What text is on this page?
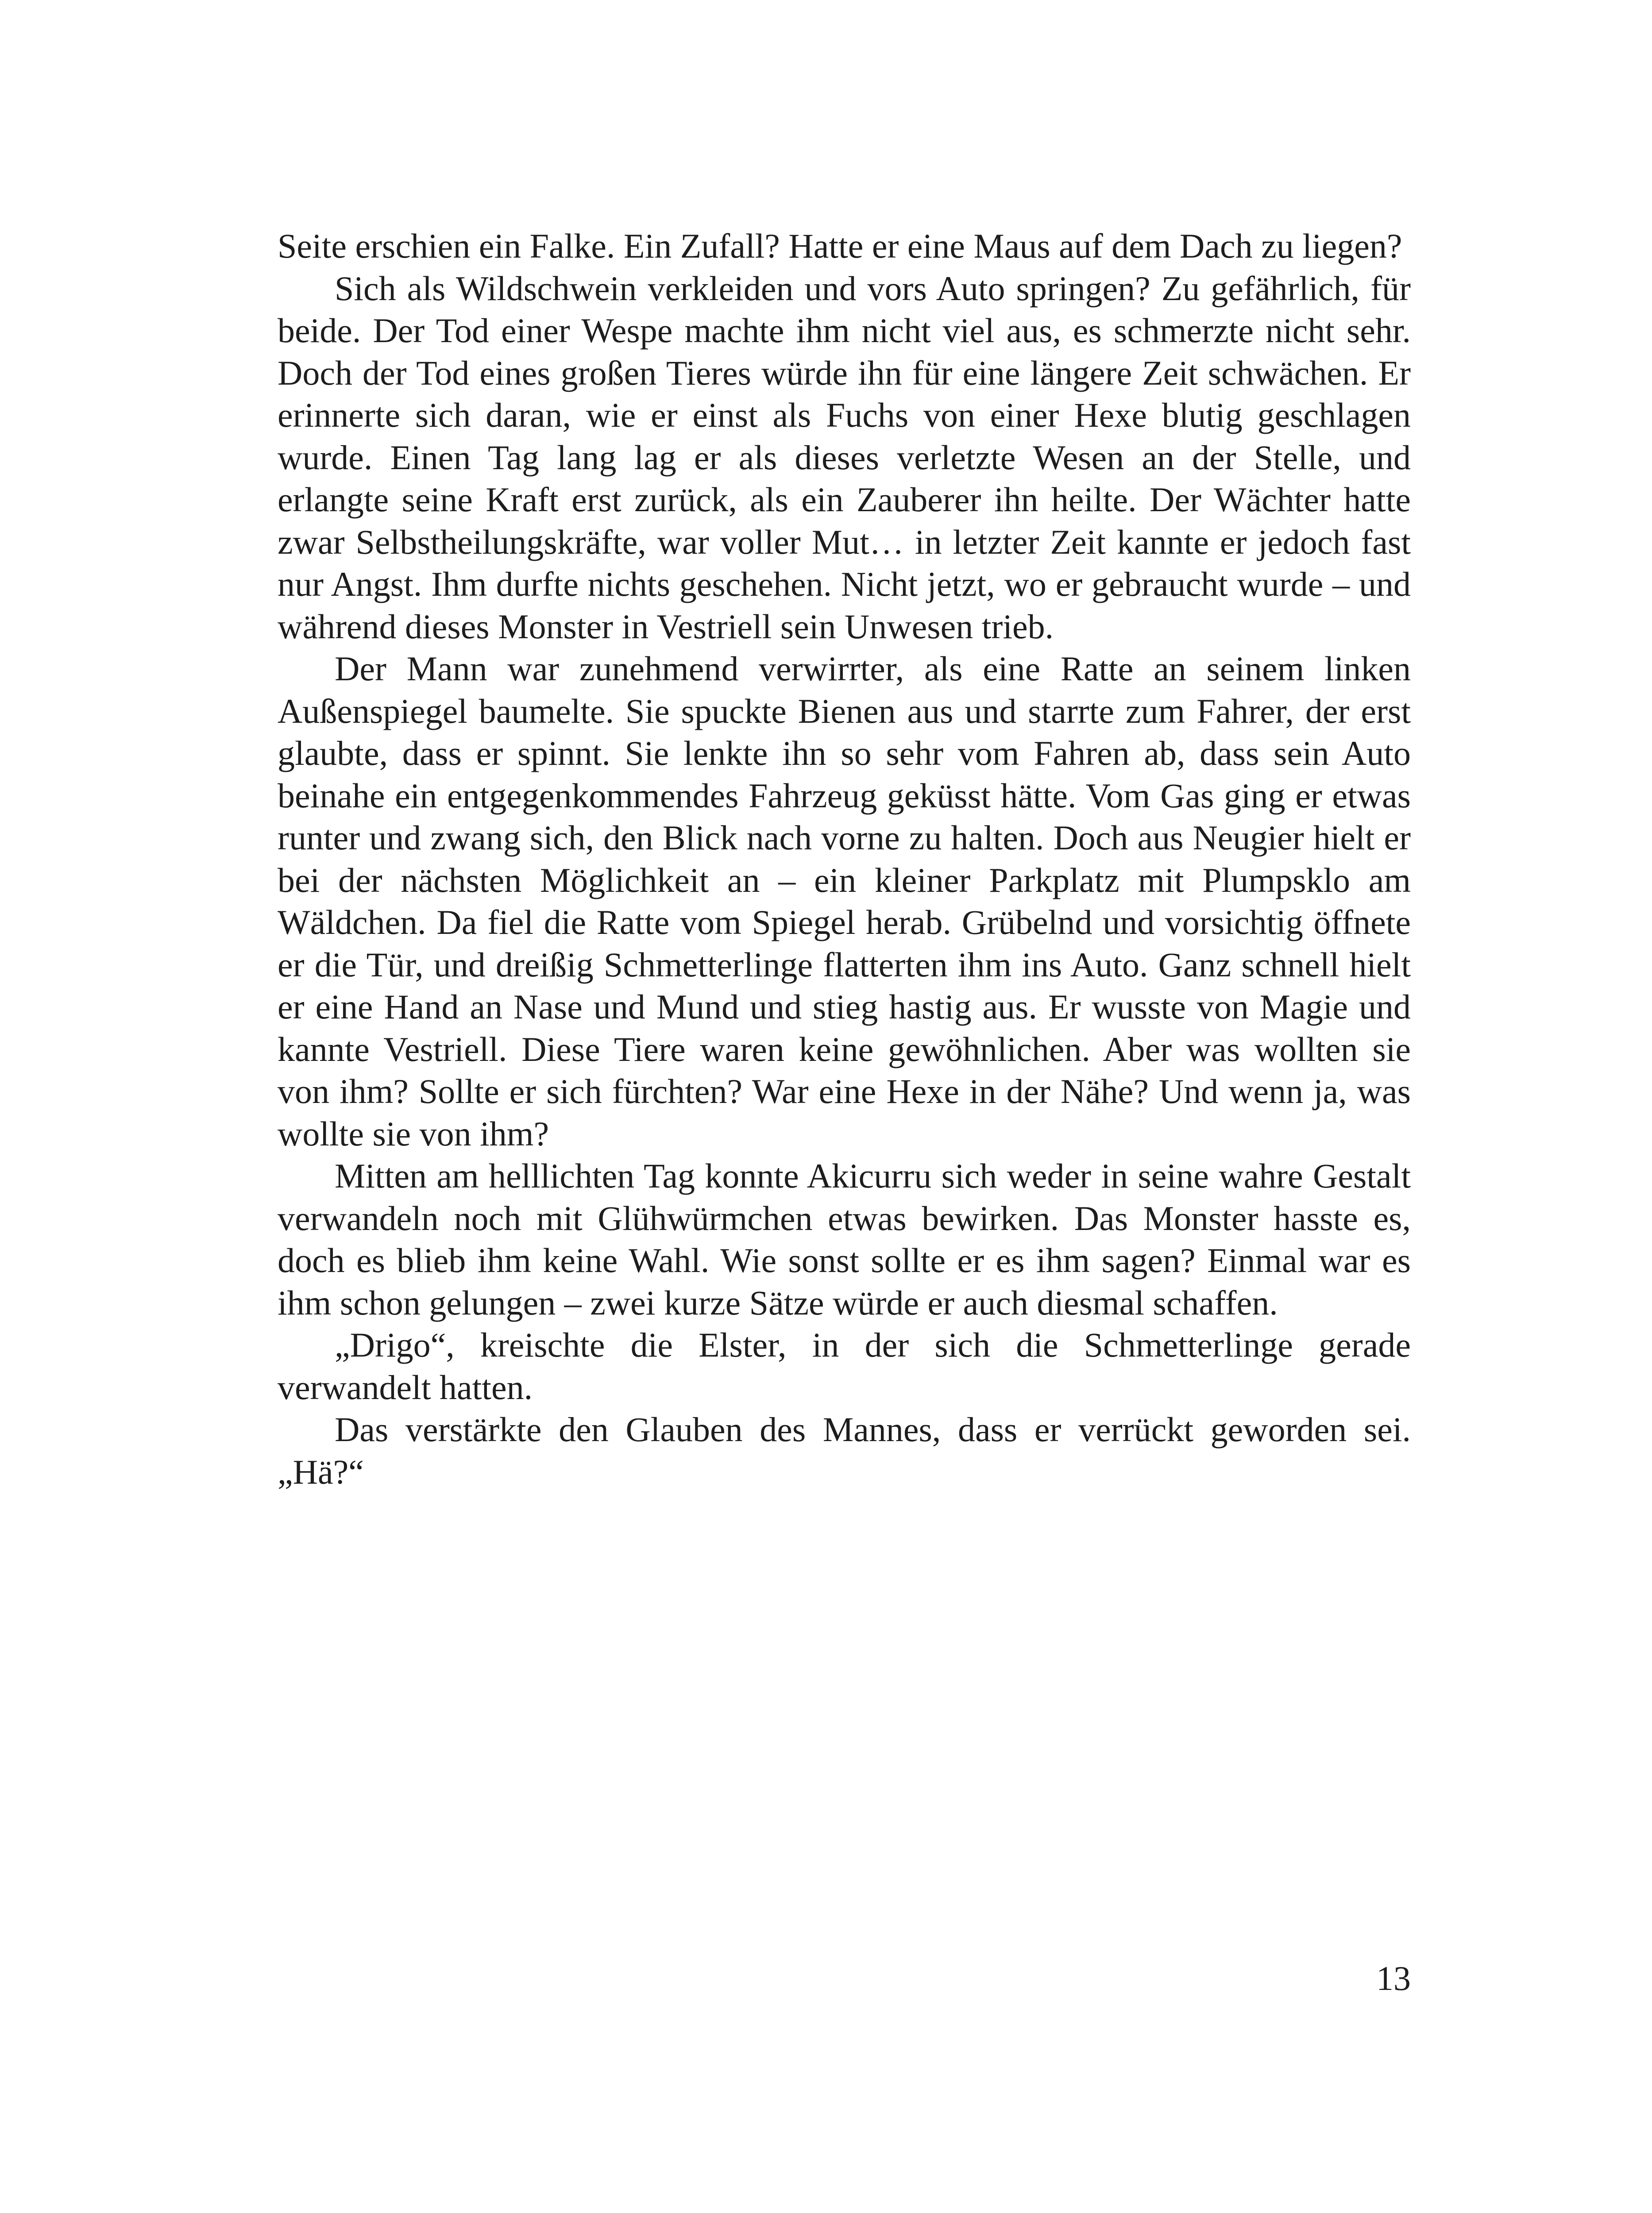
Seite erschien ein Falke. Ein Zufall? Hatte er eine Maus auf dem Dach zu liegen?

Sich als Wildschwein verkleiden und vors Auto springen? Zu gefährlich, für beide. Der Tod einer Wespe machte ihm nicht viel aus, es schmerzte nicht sehr. Doch der Tod eines großen Tieres würde ihn für eine längere Zeit schwächen. Er erinnerte sich daran, wie er einst als Fuchs von einer Hexe blutig geschlagen wurde. Einen Tag lang lag er als dieses verletzte Wesen an der Stelle, und erlangte seine Kraft erst zurück, als ein Zauberer ihn heilte. Der Wächter hatte zwar Selbstheilungskräfte, war voller Mut… in letzter Zeit kannte er jedoch fast nur Angst. Ihm durfte nichts geschehen. Nicht jetzt, wo er gebraucht wurde – und während dieses Monster in Vestriell sein Unwesen trieb.

Der Mann war zunehmend verwirrter, als eine Ratte an seinem linken Außenspiegel baumelte. Sie spuckte Bienen aus und starrte zum Fahrer, der erst glaubte, dass er spinnt. Sie lenkte ihn so sehr vom Fahren ab, dass sein Auto beinahe ein entgegenkommendes Fahrzeug geküsst hätte. Vom Gas ging er etwas runter und zwang sich, den Blick nach vorne zu halten. Doch aus Neugier hielt er bei der nächsten Möglichkeit an – ein kleiner Parkplatz mit Plumpsklo am Wäldchen. Da fiel die Ratte vom Spiegel herab. Grübelnd und vorsichtig öffnete er die Tür, und dreißig Schmetterlinge flatterten ihm ins Auto. Ganz schnell hielt er eine Hand an Nase und Mund und stieg hastig aus. Er wusste von Magie und kannte Vestriell. Diese Tiere waren keine gewöhnlichen. Aber was wollten sie von ihm? Sollte er sich fürchten? War eine Hexe in der Nähe? Und wenn ja, was wollte sie von ihm?

Mitten am helllichten Tag konnte Akicurru sich weder in seine wahre Gestalt verwandeln noch mit Glühwürmchen etwas bewirken. Das Monster hasste es, doch es blieb ihm keine Wahl. Wie sonst sollte er es ihm sagen? Einmal war es ihm schon gelungen – zwei kurze Sätze würde er auch diesmal schaffen.

„Drigo“, kreischte die Elster, in der sich die Schmetterlinge gerade verwandelt hatten.

Das verstärkte den Glauben des Mannes, dass er verrückt geworden sei. „Hä?“

13
